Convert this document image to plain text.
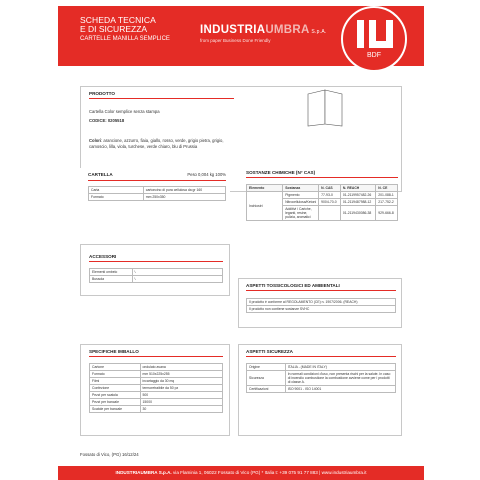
SCHEDA TECNICA
E DI SICUREZZA
CARTELLE MANILLA SEMPLICE
INDUSTRIAUMBRA S.p.A.
from paper Business Done Friendly
BDF
PRODOTTO
Cartella Color semplice senza stampa
CODICE: 0205518
Colori: arancione, azzurro, fiaia, giallo, rosso, verde, grigio pietra, grigio, camoscio, lilla, viola, turchese, verde chiaro, blu di Prussia
CARTELLA	Peso 0,004 kg 100%
Carta	cartoncino di pura cellulosa da gr 160
Formato	mm 250x350
SOSTANZE CHIMICHE (N° CAS)
Elemento	Sostanza	N. CAS	N. REACH	N. CE
Inchiostri	Pigmento	77-93-0	01-2119957482-26	201-088-1
	Nitrocellulosa/Ketoni	9004-70-0	01-2119487988-12	217-752-2
	Additivi / Cariche, leganti, resine, pulizia, aromatici		01-2119430086-38	929-666-8
ACCESSORI
Elementi ombelo	\
Bussola	\
ASPETTI TOSSICOLOGICI ED AMBIENTALI
Il prodotto è conforme al REGOLAMENTO (CE) n. 1907/2006. (REACH)
Il prodotto non contiene sostanze SVHC
SPECIFICHE IMBALLO
Cartone	ondulato avana
Formato	mm 510x225x255
Filmi	incartaggio da 30 mq
Confezione	termoretraibile da 50 pz
Pezzi per scatola	500
Pezzi per bancale	15000
Scatole per bancale	30
ASPETTI SICUREZZA
Origine	ITALIA - (MADE IN ITALY)
Sicurezza	In normali condizioni d'uso, non presenta rischi per la salute. In caso di incendio combustione la combustione avviene come per i prodotti di classe A.
Certificazioni	ISO 9001 - ISO 14001
Fossato di Vico, (PG) 16/12/24
INDUSTRIAUMBRA S.p.A. via Flaminia 1, 06022 Fossato di Vico (PG) * Italia t: +39 075 91 77 883 | www.industriaumbra.it
